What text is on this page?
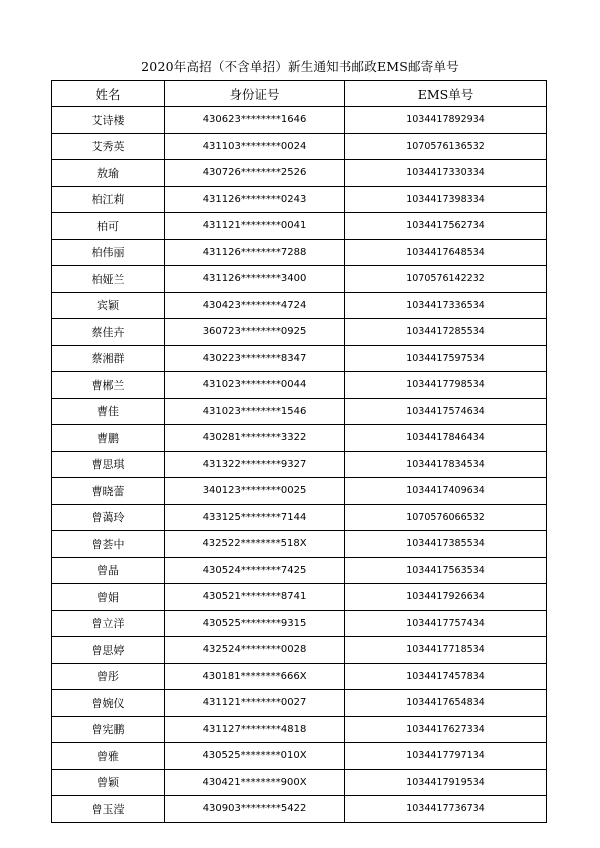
2020年高招（不含单招）新生通知书邮政EMS邮寄单号
姓名	身份证号	EMS单号
艾诗楼	430623********1646	1034417892934
艾秀英	431103********0024	1070576136532
敖瑜	430726********2526	1034417330334
柏江莉	431126********0243	1034417398334
柏可	431121********0041	1034417562734
柏伟丽	431126********7288	1034417648534
柏娅兰	431126********3400	1070576142232
宾颖	430423********4724	1034417336534
蔡佳卉	360723********0925	1034417285534
蔡湘群	430223********8347	1034417597534
曹郴兰	431023********0044	1034417798534
曹佳	431023********1546	1034417574634
曹鹏	430281********3322	1034417846434
曹思琪	431322********9327	1034417834534
曹晓蕾	340123********0025	1034417409634
曾蔼玲	433125********7144	1070576066532
曾荟中	432522********518X	1034417385534
曾晶	430524********7425	1034417563534
曾娟	430521********8741	1034417926634
曾立洋	430525********9315	1034417757434
曾思婷	432524********0028	1034417718534
曾彤	430181********666X	1034417457834
曾婉仪	431121********0027	1034417654834
曾宪鹏	431127********4818	1034417627334
曾雅	430525********010X	1034417797134
曾颖	430421********900X	1034417919534
曾玉滢	430903********5422	1034417736734
